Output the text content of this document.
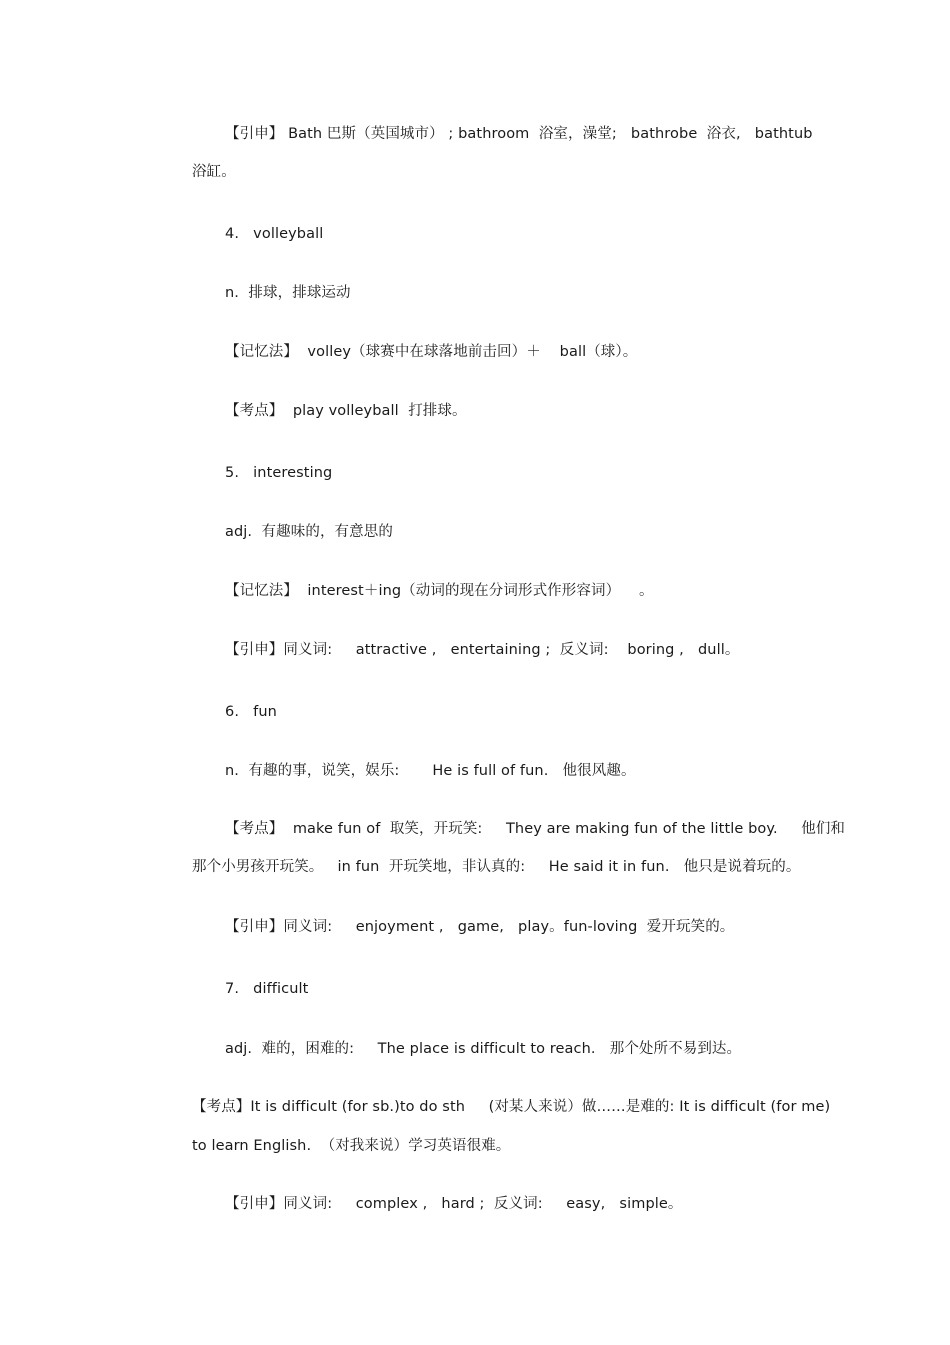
【引申】 Bath 巴斯（英国城市） ; bathroom  浴室，澡堂;   bathrobe  浴衣,   bathtub
浴缸。
4.   volleyball
n.  排球，排球运动
【记忆法】  volley（球赛中在球落地前击回）＋    ball（球）。
【考点】  play volleyball  打排球。
5.   interesting
adj.  有趣味的，有意思的
【记忆法】  interest＋ing（动词的现在分词形式作形容词）    。
【引申】同义词:     attractive ,   entertaining ;  反义词:    boring ,   dull。
6.   fun
n.  有趣的事，说笑，娱乐:       He is full of fun.   他很风趣。
【考点】  make fun of  取笑，开玩笑:     They are making fun of the little boy.     他们和
那个小男孩开玩笑。   in fun  开玩笑地，非认真的:     He said it in fun.   他只是说着玩的。
【引申】同义词:     enjoyment ,   game,   play。fun-loving  爱开玩笑的。
7.   difficult
adj.  难的，困难的:     The place is difficult to reach.   那个处所不易到达。
【考点】It is difficult (for sb.)to do sth     (对某人来说）做……是难的: It is difficult (for me)
to learn English.  （对我来说）学习英语很难。
【引申】同义词:     complex ,   hard ;  反义词:     easy,   simple。
